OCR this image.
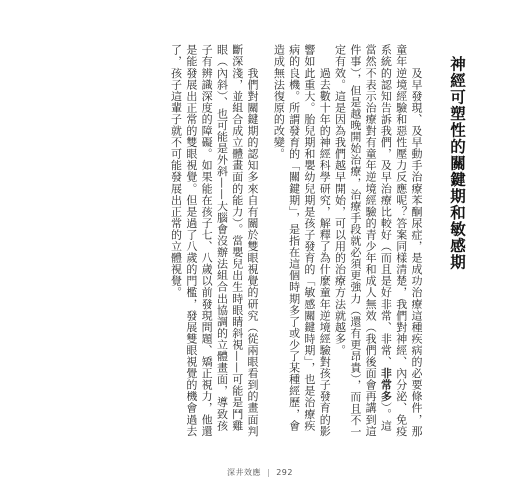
　　及早發現、及早動手治療苯酮尿症，是成功治療這種疾病的必要條件，那童年逆境經驗和惡性壓力反應呢？答案同樣清楚，我們對神經、內分泌、免疫系統的認知告訴我們，及早治療比較好（而且是好非常、非常、非常多）。這當然不表示治療對有童年逆境經驗的青少年和成人無效（我們後面會再講到這件事），但是越晚開始治療，治療手段就必須更強力（還有更昂貴），而且不一定有效。這是因為我們越早開始，可以用的治療方法就越多。

　　過去數十年的神經科學研究，解釋了為什麼童年逆境經驗對孩子發育的影響如此重大。胎兒期和嬰幼兒期是孩子發育的「敏感關鍵時期」，也是治療疾病的良機。所謂發育的「關鍵期」，是指在這個時期多了或少了某種經歷，會造成無法復原的改變。

　　我們對關鍵期的認知多來自有關於雙眼視覺的研究（從兩眼看到的畫面判斷深淺，並組合成立體畫面的能力）。當嬰兒出生時眼睛斜視——可能是鬥雞眼（內斜）、也可能是外斜——大腦會沒辦法組合出協調的立體畫面，導致孩子有辨識深度的障礙。如果能在孩子七、八歲以前發現問題、矯正視力，他還是能發展出正常的雙眼視覺。但是過了八歲的門檻，發展雙眼視覺的機會過去了，孩子這輩子就不可能發展出正常的立體視覺。	神經可塑性的關鍵期和敏感期
深井效應 | 292
